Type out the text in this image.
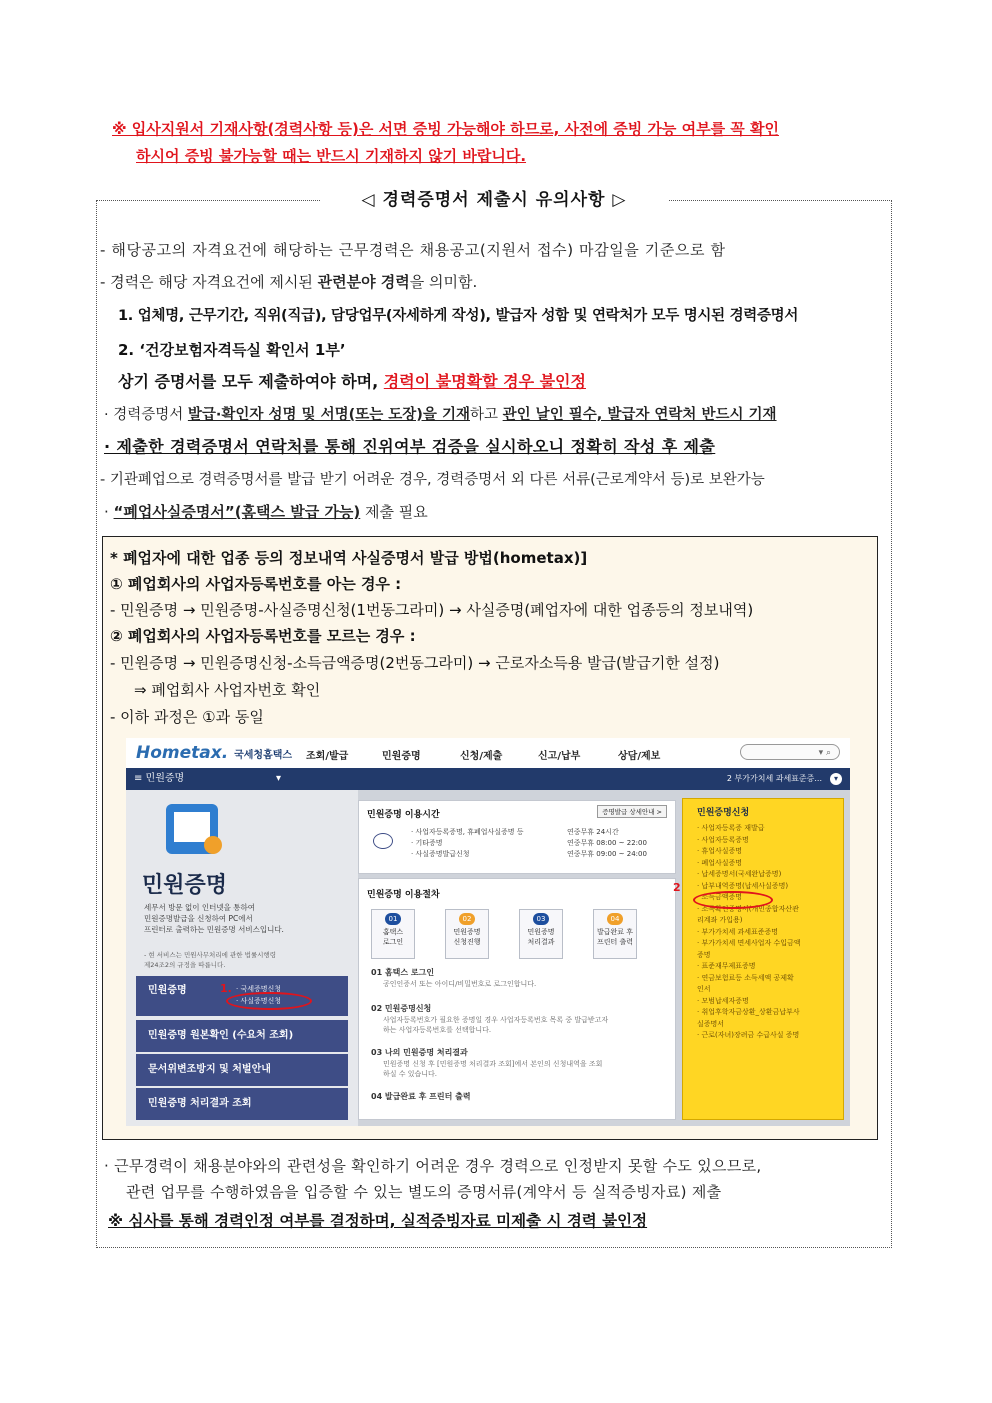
※ 입사지원서 기재사항(경력사항 등)은 서면 증빙 가능해야 하므로, 사전에 증빙 가능 여부를 꼭 확인
하시어 증빙 불가능할 때는 반드시 기재하지 않기 바랍니다.
◁ 경력증명서 제출시 유의사항 ▷
- 해당공고의 자격요건에 해당하는 근무경력은 채용공고(지원서 접수) 마감일을 기준으로 함
- 경력은 해당 자격요건에 제시된 관련분야 경력을 의미함.
1. 업체명, 근무기간, 직위(직급), 담당업무(자세하게 작성), 발급자 성함 및 연락처가 모두 명시된 경력증명서
2. ‘건강보험자격득실 확인서 1부’
상기 증명서를 모두 제출하여야 하며, 경력이 불명확할 경우 불인정
· 경력증명서 발급·확인자 성명 및 서명(또는 도장)을 기재하고 관인 날인 필수, 발급자 연락처 반드시 기재
· 제출한 경력증명서 연락처를 통해 진위여부 검증을 실시하오니 정확히 작성 후 제출
- 기관폐업으로 경력증명서를 발급 받기 어려운 경우, 경력증명서 외 다른 서류(근로계약서 등)로 보완가능
· “폐업사실증명서”(홈택스 발급 가능) 제출 필요
* 폐업자에 대한 업종 등의 정보내역 사실증명서 발급 방법(hometax)]
① 폐업회사의 사업자등록번호를 아는 경우 :
- 민원증명 → 민원증명-사실증명신청(1번동그라미) → 사실증명(폐업자에 대한 업종등의 정보내역)
② 폐업회사의 사업자등록번호를 모르는 경우 :
- 민원증명 → 민원증명신청-소득금액증명(2번동그라미) → 근로자소득용 발급(발급기한 설정)
⇒ 폐업회사 사업자번호 확인
- 이하 과정은 ①과 동일
Hometax. 국세청홈택스 조회/발급	민원증명	신청/제출	신고/납부	상담/제보	▾ ⌕
≡ 민원증명	▾	2 부가가치세 과세표준증...	▾
민원증명
세무서 방문 없이 인터넷을 통하여
민원증명발급을 신청하여 PC에서
프린터로 출력하는 민원증명 서비스입니다.
- 현 서비스는 민원사무처리에 관한 법률시행령
제24조2의 규정을 따릅니다.
민원증명	· 국세증명신청
· 사실증명신청
1.
민원증명 원본확인 (수요처 조회)
문서위변조방지 및 처벌안내
민원증명 처리결과 조회
민원증명 이용시간	증명발급 상세안내 >
· 사업자등록증명, 휴폐업사실증명 등
· 기타증명
· 사실증명발급신청
연중무휴 24시간
연중무휴 08:00 ~ 22:00
연중무휴 09:00 ~ 24:00
민원증명 이용절차
01
홈택스
로그인
02
민원증명
신청진행
03
민원증명
처리결과
04
발급완료 후
프린터 출력
01 홈택스 로그인
공인인증서 또는 아이디/비밀번호로 로그인합니다.
02 민원증명신청
사업자등록번호가 필요한 증명일 경우 사업자등록번호 목록 중 발급받고자
하는 사업자등록번호를 선택합니다.
03 나의 민원증명 처리결과
민원증명 신청 후 [민원증명 처리결과 조회]에서 본인의 신청내역을 조회
하실 수 있습니다.
04 발급완료 후 프린터 출력
민원증명신청
· 사업자등록증 재발급
· 사업자등록증명
· 휴업사실증명
· 폐업사실증명
· 납세증명서(국세완납증명)
· 납부내역증명(납세사실증명)
· 소득금액증명
· 소득확인증명서(개인종합자산관
리계좌 가입용)
· 부가가치세 과세표준증명
· 부가가치세 면세사업자 수입금액
증명
· 표준재무제표증명
· 연금보험료등 소득세액 공제확
인서
· 모범납세자증명
· 취업후학자금상환_상환금납부사
실증명서
· 근로(자녀)장려금 수급사실 증명
2
· 근무경력이 채용분야와의 관련성을 확인하기 어려운 경우 경력으로 인정받지 못할 수도 있으므로,
관련 업무를 수행하였음을 입증할 수 있는 별도의 증명서류(계약서 등 실적증빙자료) 제출
※ 심사를 통해 경력인정 여부를 결정하며, 실적증빙자료 미제출 시 경력 불인정
